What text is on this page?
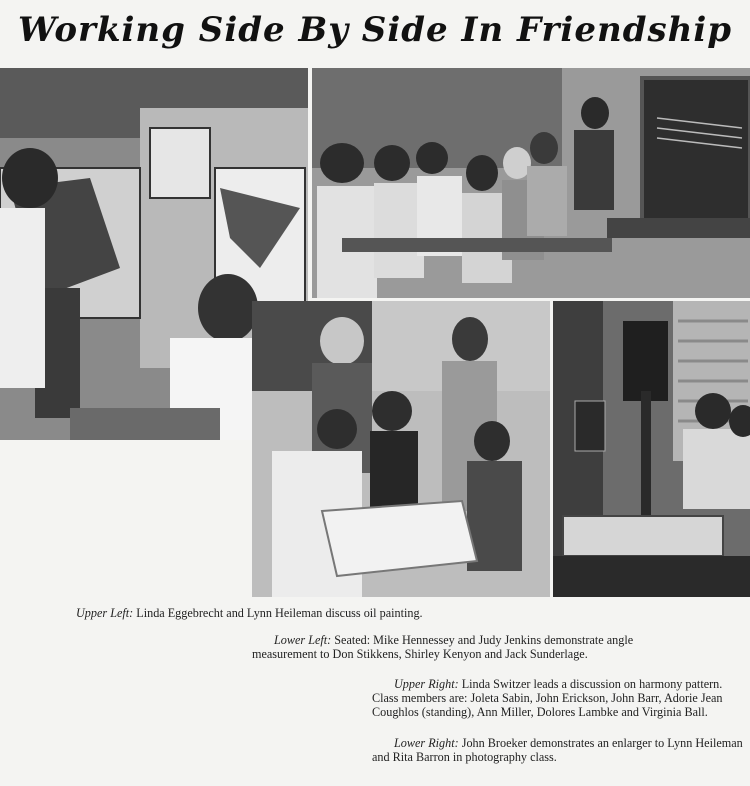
Working Side By Side In Friendship
Upper Left: Linda Eggebrecht and Lynn Heileman discuss oil painting.
Lower Left: Seated: Mike Hennessey and Judy Jenkins demonstrate angle measurement to Don Stikkens, Shirley Kenyon and Jack Sunderlage.
Upper Right: Linda Switzer leads a discussion on harmony pattern. Class members are: Joleta Sabin, John Erickson, John Barr, Adorie Jean Coughlos (standing), Ann Miller, Dolores Lambke and Virginia Ball.
Lower Right: John Broeker demonstrates an enlarger to Lynn Heileman and Rita Barron in photography class.
